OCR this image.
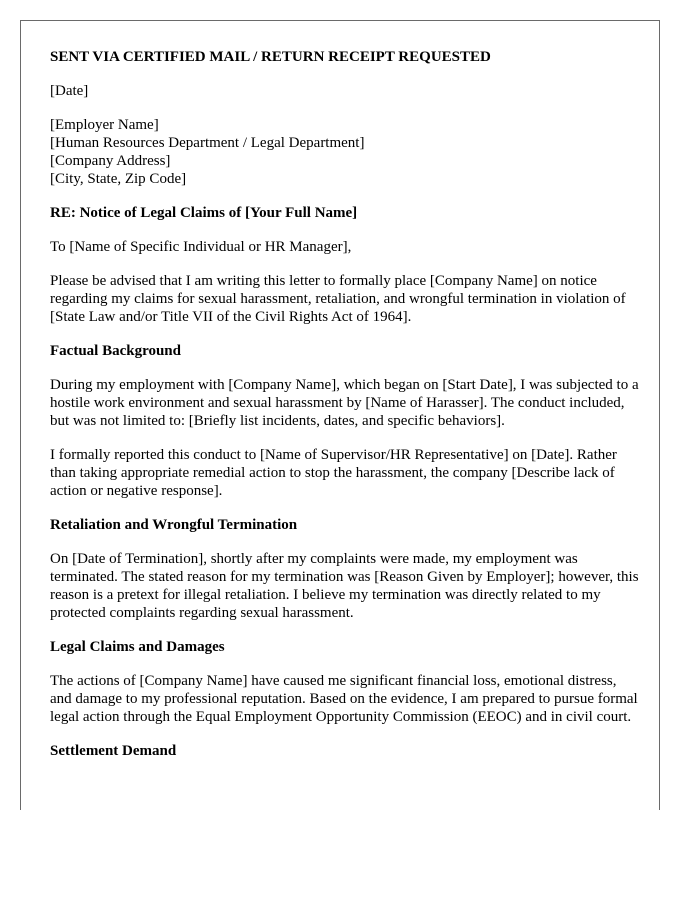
SENT VIA CERTIFIED MAIL / RETURN RECEIPT REQUESTED

[Date]

[Employer Name]
[Human Resources Department / Legal Department]
[Company Address]
[City, State, Zip Code]

RE: Notice of Legal Claims of [Your Full Name]

To [Name of Specific Individual or HR Manager],

Please be advised that I am writing this letter to formally place [Company Name] on notice regarding my claims for sexual harassment, retaliation, and wrongful termination in violation of [State Law and/or Title VII of the Civil Rights Act of 1964].

Factual Background

During my employment with [Company Name], which began on [Start Date], I was subjected to a hostile work environment and sexual harassment by [Name of Harasser]. The conduct included, but was not limited to: [Briefly list incidents, dates, and specific behaviors].

I formally reported this conduct to [Name of Supervisor/HR Representative] on [Date]. Rather than taking appropriate remedial action to stop the harassment, the company [Describe lack of action or negative response].

Retaliation and Wrongful Termination

On [Date of Termination], shortly after my complaints were made, my employment was terminated. The stated reason for my termination was [Reason Given by Employer]; however, this reason is a pretext for illegal retaliation. I believe my termination was directly related to my protected complaints regarding sexual harassment.

Legal Claims and Damages

The actions of [Company Name] have caused me significant financial loss, emotional distress, and damage to my professional reputation. Based on the evidence, I am prepared to pursue formal legal action through the Equal Employment Opportunity Commission (EEOC) and in civil court.

Settlement Demand
